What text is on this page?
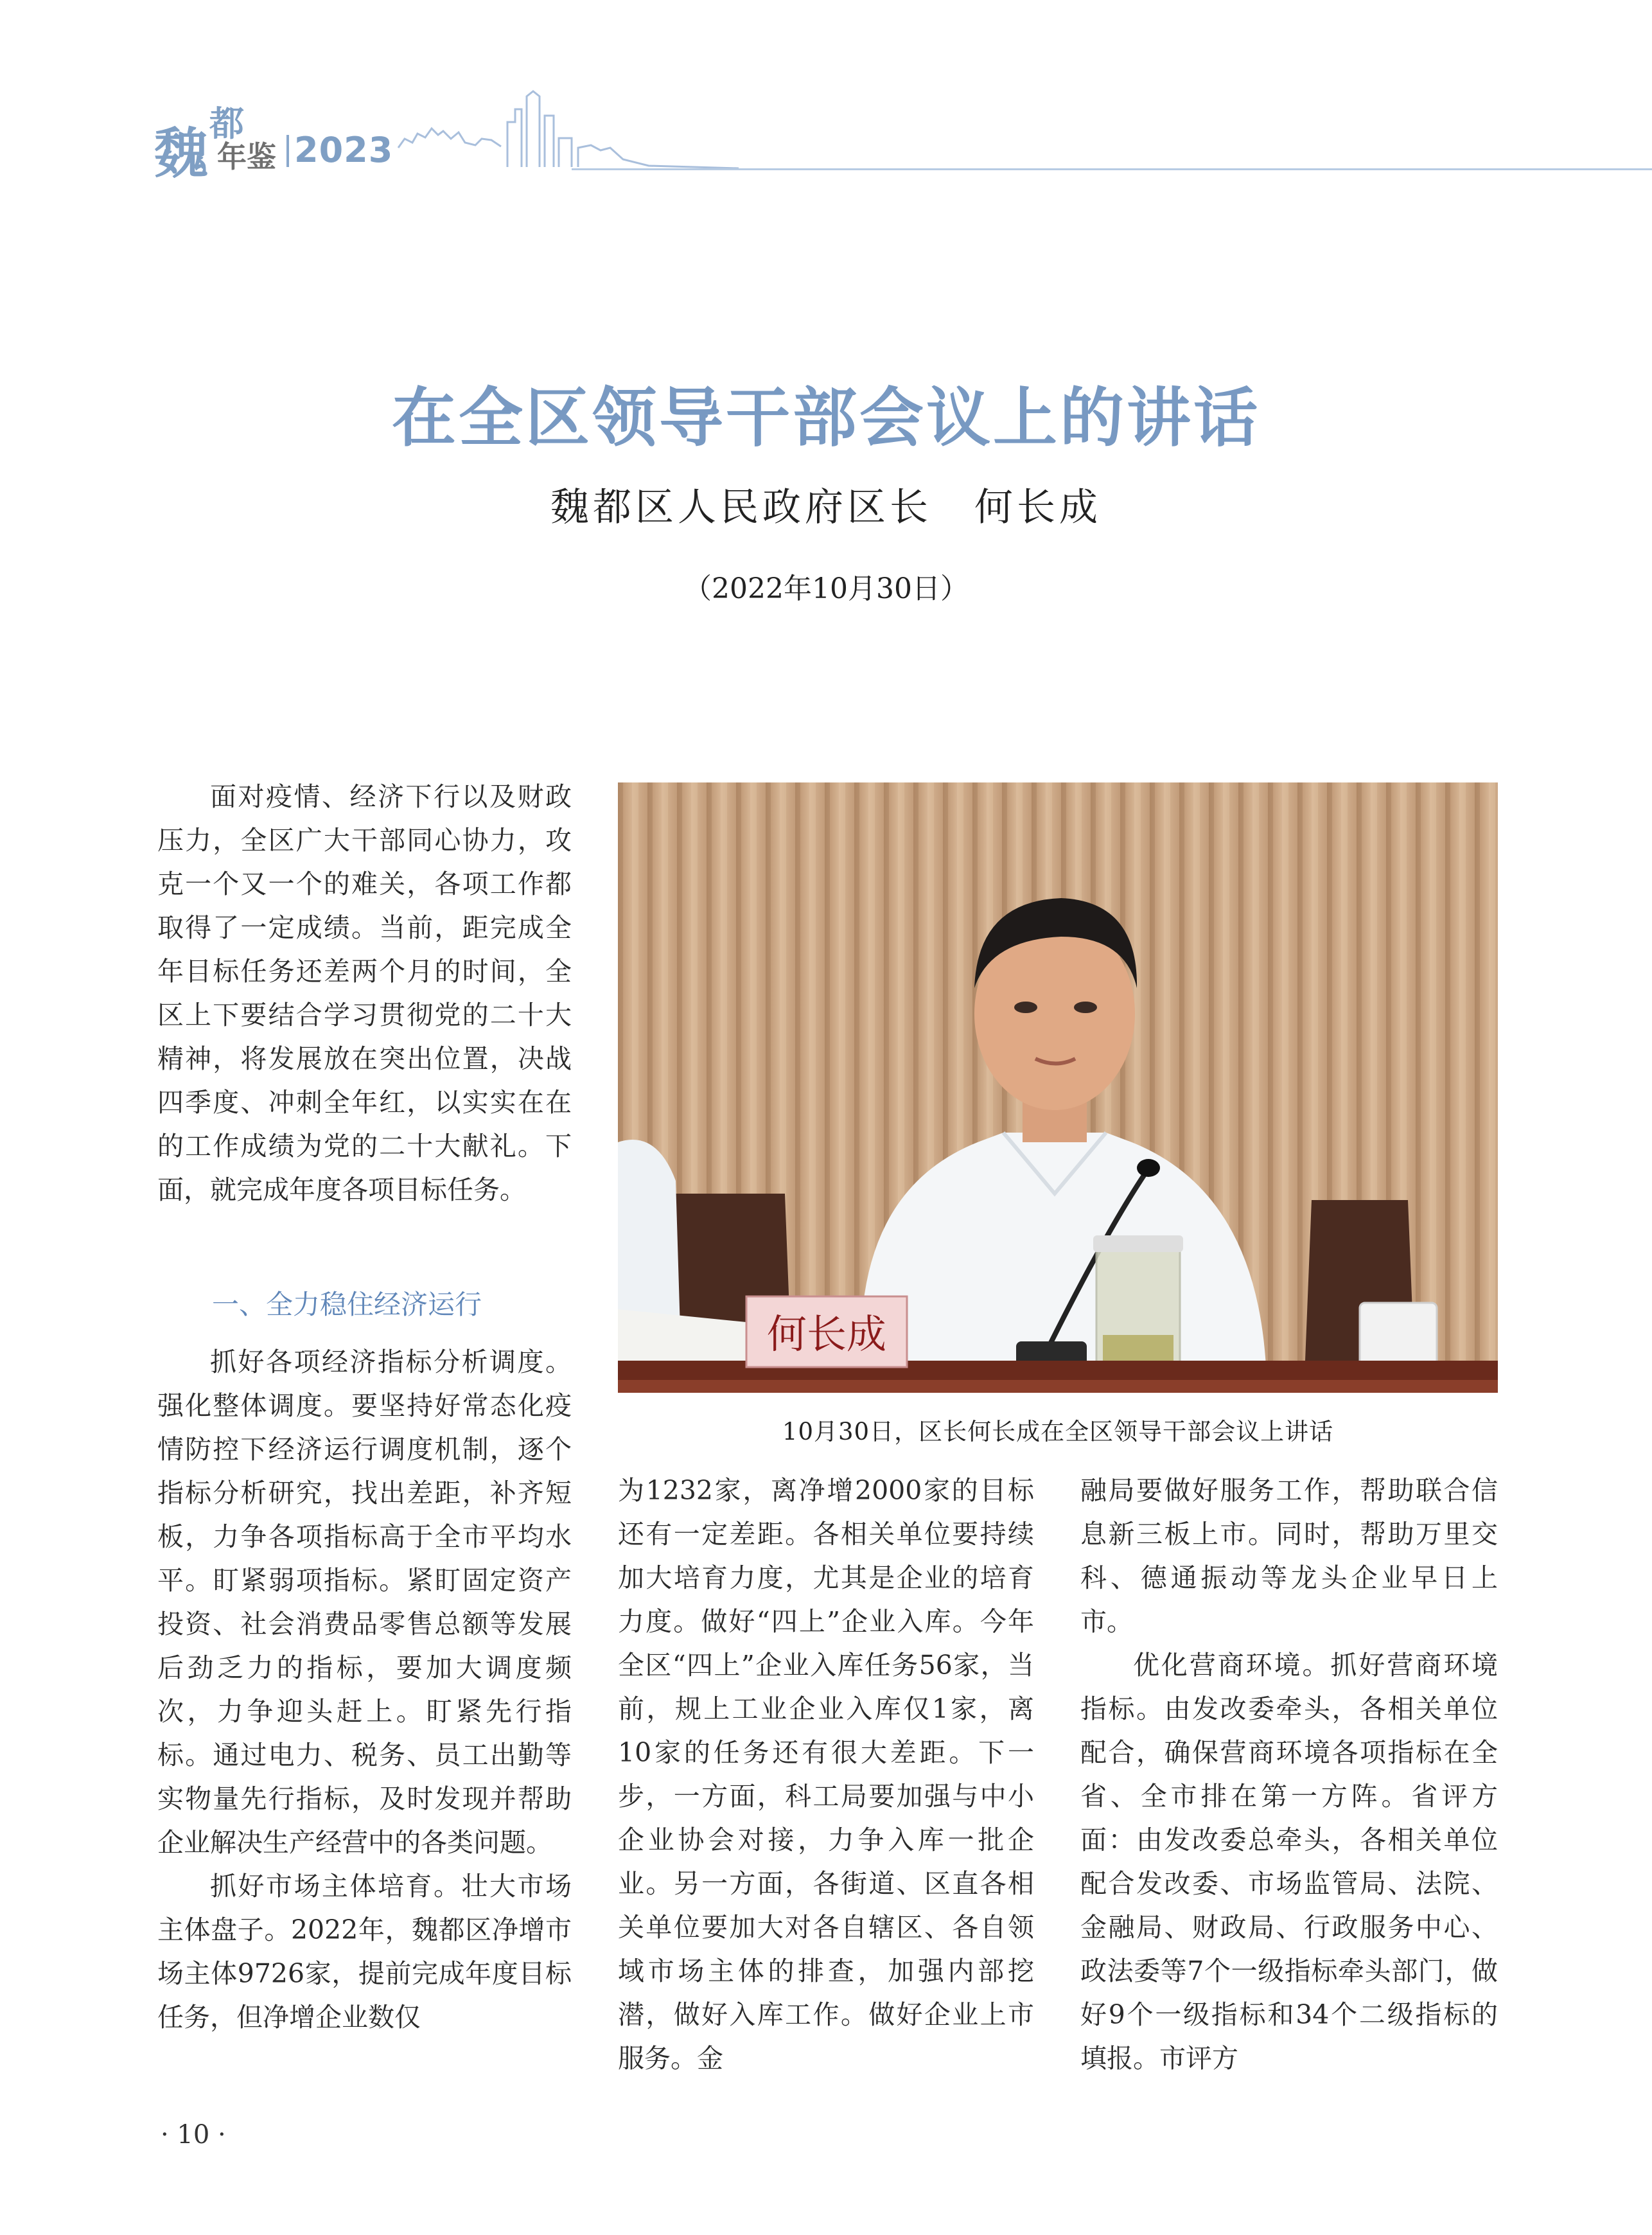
魏 都
年鉴 2023
在全区领导干部会议上的讲话
魏都区人民政府区长　何长成
（2022年10月30日）

面对疫情、经济下行以及财政压力，全区广大干部同心协力，攻克一个又一个的难关，各项工作都取得了一定成绩。当前，距完成全年目标任务还差两个月的时间，全区上下要结合学习贯彻党的二十大精神，将发展放在突出位置，决战四季度、冲刺全年红，以实实在在的工作成绩为党的二十大献礼。下面，就完成年度各项目标任务。

一、全力稳住经济运行

抓好各项经济指标分析调度。强化整体调度。要坚持好常态化疫情防控下经济运行调度机制，逐个指标分析研究，找出差距，补齐短板，力争各项指标高于全市平均水平。盯紧弱项指标。紧盯固定资产投资、社会消费品零售总额等发展后劲乏力的指标，要加大调度频次，力争迎头赶上。盯紧先行指标。通过电力、税务、员工出勤等实物量先行指标，及时发现并帮助企业解决生产经营中的各类问题。

抓好市场主体培育。壮大市场主体盘子。2022年，魏都区净增市场主体9726家，提前完成年度目标任务，但净增企业数仅

何长成
10月30日，区长何长成在全区领导干部会议上讲话

为1232家，离净增2000家的目标还有一定差距。各相关单位要持续加大培育力度，尤其是企业的培育力度。做好“四上”企业入库。今年全区“四上”企业入库任务56家，当前，规上工业企业入库仅1家，离10家的任务还有很大差距。下一步，一方面，科工局要加强与中小企业协会对接，力争入库一批企业。另一方面，各街道、区直各相关单位要加大对各自辖区、各自领域市场主体的排查，加强内部挖潜，做好入库工作。做好企业上市服务。金

融局要做好服务工作，帮助联合信息新三板上市。同时，帮助万里交科、德通振动等龙头企业早日上市。

优化营商环境。抓好营商环境指标。由发改委牵头，各相关单位配合，确保营商环境各项指标在全省、全市排在第一方阵。省评方面：由发改委总牵头，各相关单位配合发改委、市场监管局、法院、金融局、财政局、行政服务中心、政法委等7个一级指标牵头部门，做好9个一级指标和34个二级指标的填报。市评方

· 10 ·
